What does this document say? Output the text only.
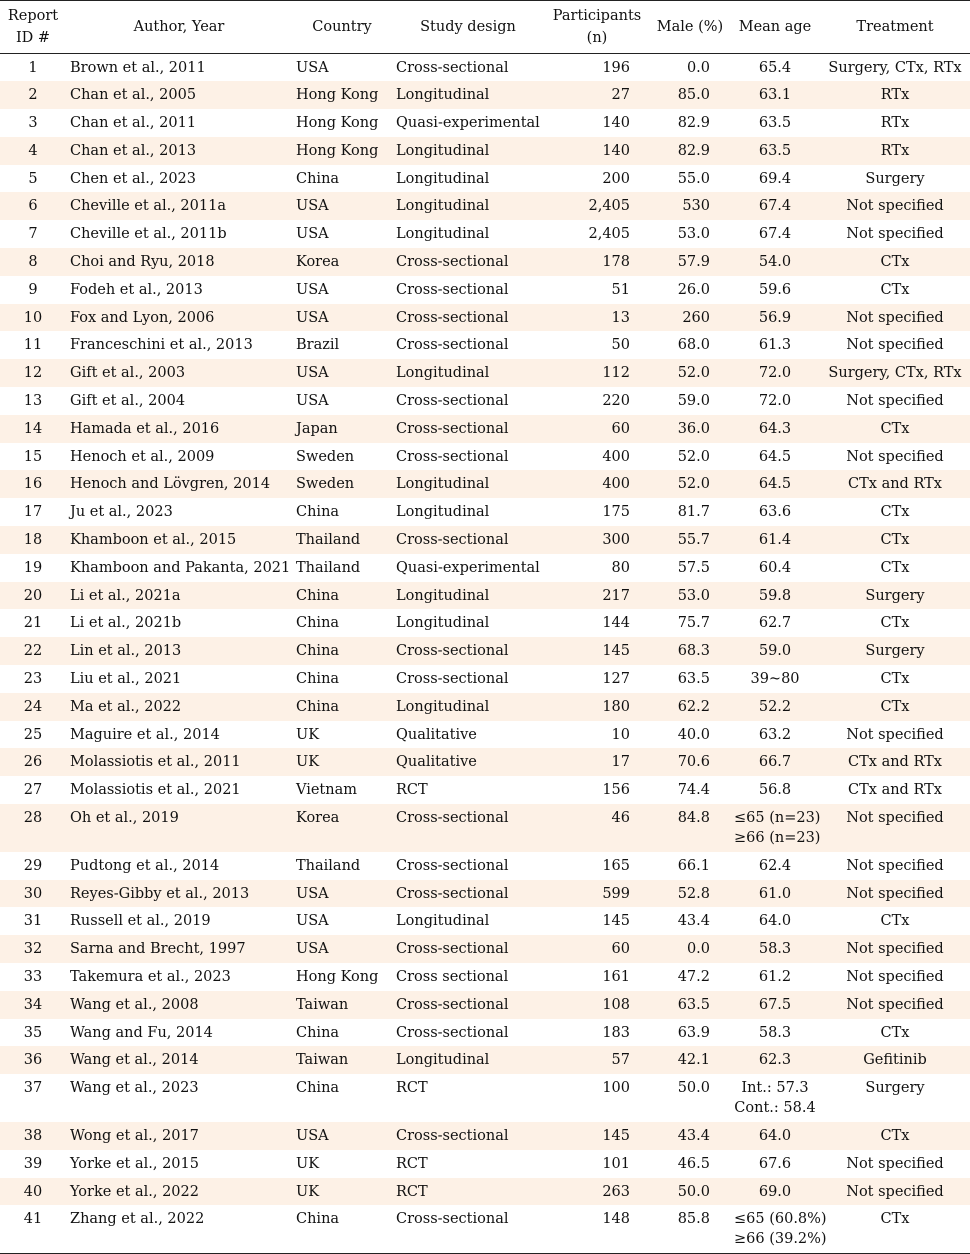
Report ID #	Author, Year	Country	Study design	Participants (n)	Male (%)	Mean age	Treatment
1	Brown et al., 2011	USA	Cross-sectional	196	0.0	65.4	Surgery, CTx, RTx
2	Chan et al., 2005	Hong Kong	Longitudinal	27	85.0	63.1	RTx
3	Chan et al., 2011	Hong Kong	Quasi-experimental	140	82.9	63.5	RTx
4	Chan et al., 2013	Hong Kong	Longitudinal	140	82.9	63.5	RTx
5	Chen et al., 2023	China	Longitudinal	200	55.0	69.4	Surgery
6	Cheville et al., 2011a	USA	Longitudinal	2,405	530	67.4	Not specified
7	Cheville et al., 2011b	USA	Longitudinal	2,405	53.0	67.4	Not specified
8	Choi and Ryu, 2018	Korea	Cross-sectional	178	57.9	54.0	CTx
9	Fodeh et al., 2013	USA	Cross-sectional	51	26.0	59.6	CTx
10	Fox and Lyon, 2006	USA	Cross-sectional	13	260	56.9	Not specified
11	Franceschini et al., 2013	Brazil	Cross-sectional	50	68.0	61.3	Not specified
12	Gift et al., 2003	USA	Longitudinal	112	52.0	72.0	Surgery, CTx, RTx
13	Gift et al., 2004	USA	Cross-sectional	220	59.0	72.0	Not specified
14	Hamada et al., 2016	Japan	Cross-sectional	60	36.0	64.3	CTx
15	Henoch et al., 2009	Sweden	Cross-sectional	400	52.0	64.5	Not specified
16	Henoch and Lövgren, 2014	Sweden	Longitudinal	400	52.0	64.5	CTx and RTx
17	Ju et al., 2023	China	Longitudinal	175	81.7	63.6	CTx
18	Khamboon et al., 2015	Thailand	Cross-sectional	300	55.7	61.4	CTx
19	Khamboon and Pakanta, 2021	Thailand	Quasi-experimental	80	57.5	60.4	CTx
20	Li et al., 2021a	China	Longitudinal	217	53.0	59.8	Surgery
21	Li et al., 2021b	China	Longitudinal	144	75.7	62.7	CTx
22	Lin et al., 2013	China	Cross-sectional	145	68.3	59.0	Surgery
23	Liu et al., 2021	China	Cross-sectional	127	63.5	39~80	CTx
24	Ma et al., 2022	China	Longitudinal	180	62.2	52.2	CTx
25	Maguire et al., 2014	UK	Qualitative	10	40.0	63.2	Not specified
26	Molassiotis et al., 2011	UK	Qualitative	17	70.6	66.7	CTx and RTx
27	Molassiotis et al., 2021	Vietnam	RCT	156	74.4	56.8	CTx and RTx
28	Oh et al., 2019	Korea	Cross-sectional	46	84.8	≤65 (n=23)
≥66 (n=23)	Not specified
29	Pudtong et al., 2014	Thailand	Cross-sectional	165	66.1	62.4	Not specified
30	Reyes-Gibby et al., 2013	USA	Cross-sectional	599	52.8	61.0	Not specified
31	Russell et al., 2019	USA	Longitudinal	145	43.4	64.0	CTx
32	Sarna and Brecht, 1997	USA	Cross-sectional	60	0.0	58.3	Not specified
33	Takemura et al., 2023	Hong Kong	Cross sectional	161	47.2	61.2	Not specified
34	Wang et al., 2008	Taiwan	Cross-sectional	108	63.5	67.5	Not specified
35	Wang and Fu, 2014	China	Cross-sectional	183	63.9	58.3	CTx
36	Wang et al., 2014	Taiwan	Longitudinal	57	42.1	62.3	Gefitinib
37	Wang et al., 2023	China	RCT	100	50.0	Int.: 57.3
Cont.: 58.4	Surgery
38	Wong et al., 2017	USA	Cross-sectional	145	43.4	64.0	CTx
39	Yorke et al., 2015	UK	RCT	101	46.5	67.6	Not specified
40	Yorke et al., 2022	UK	RCT	263	50.0	69.0	Not specified
41	Zhang et al., 2022	China	Cross-sectional	148	85.8	≤65 (60.8%)
≥66 (39.2%)	CTx
